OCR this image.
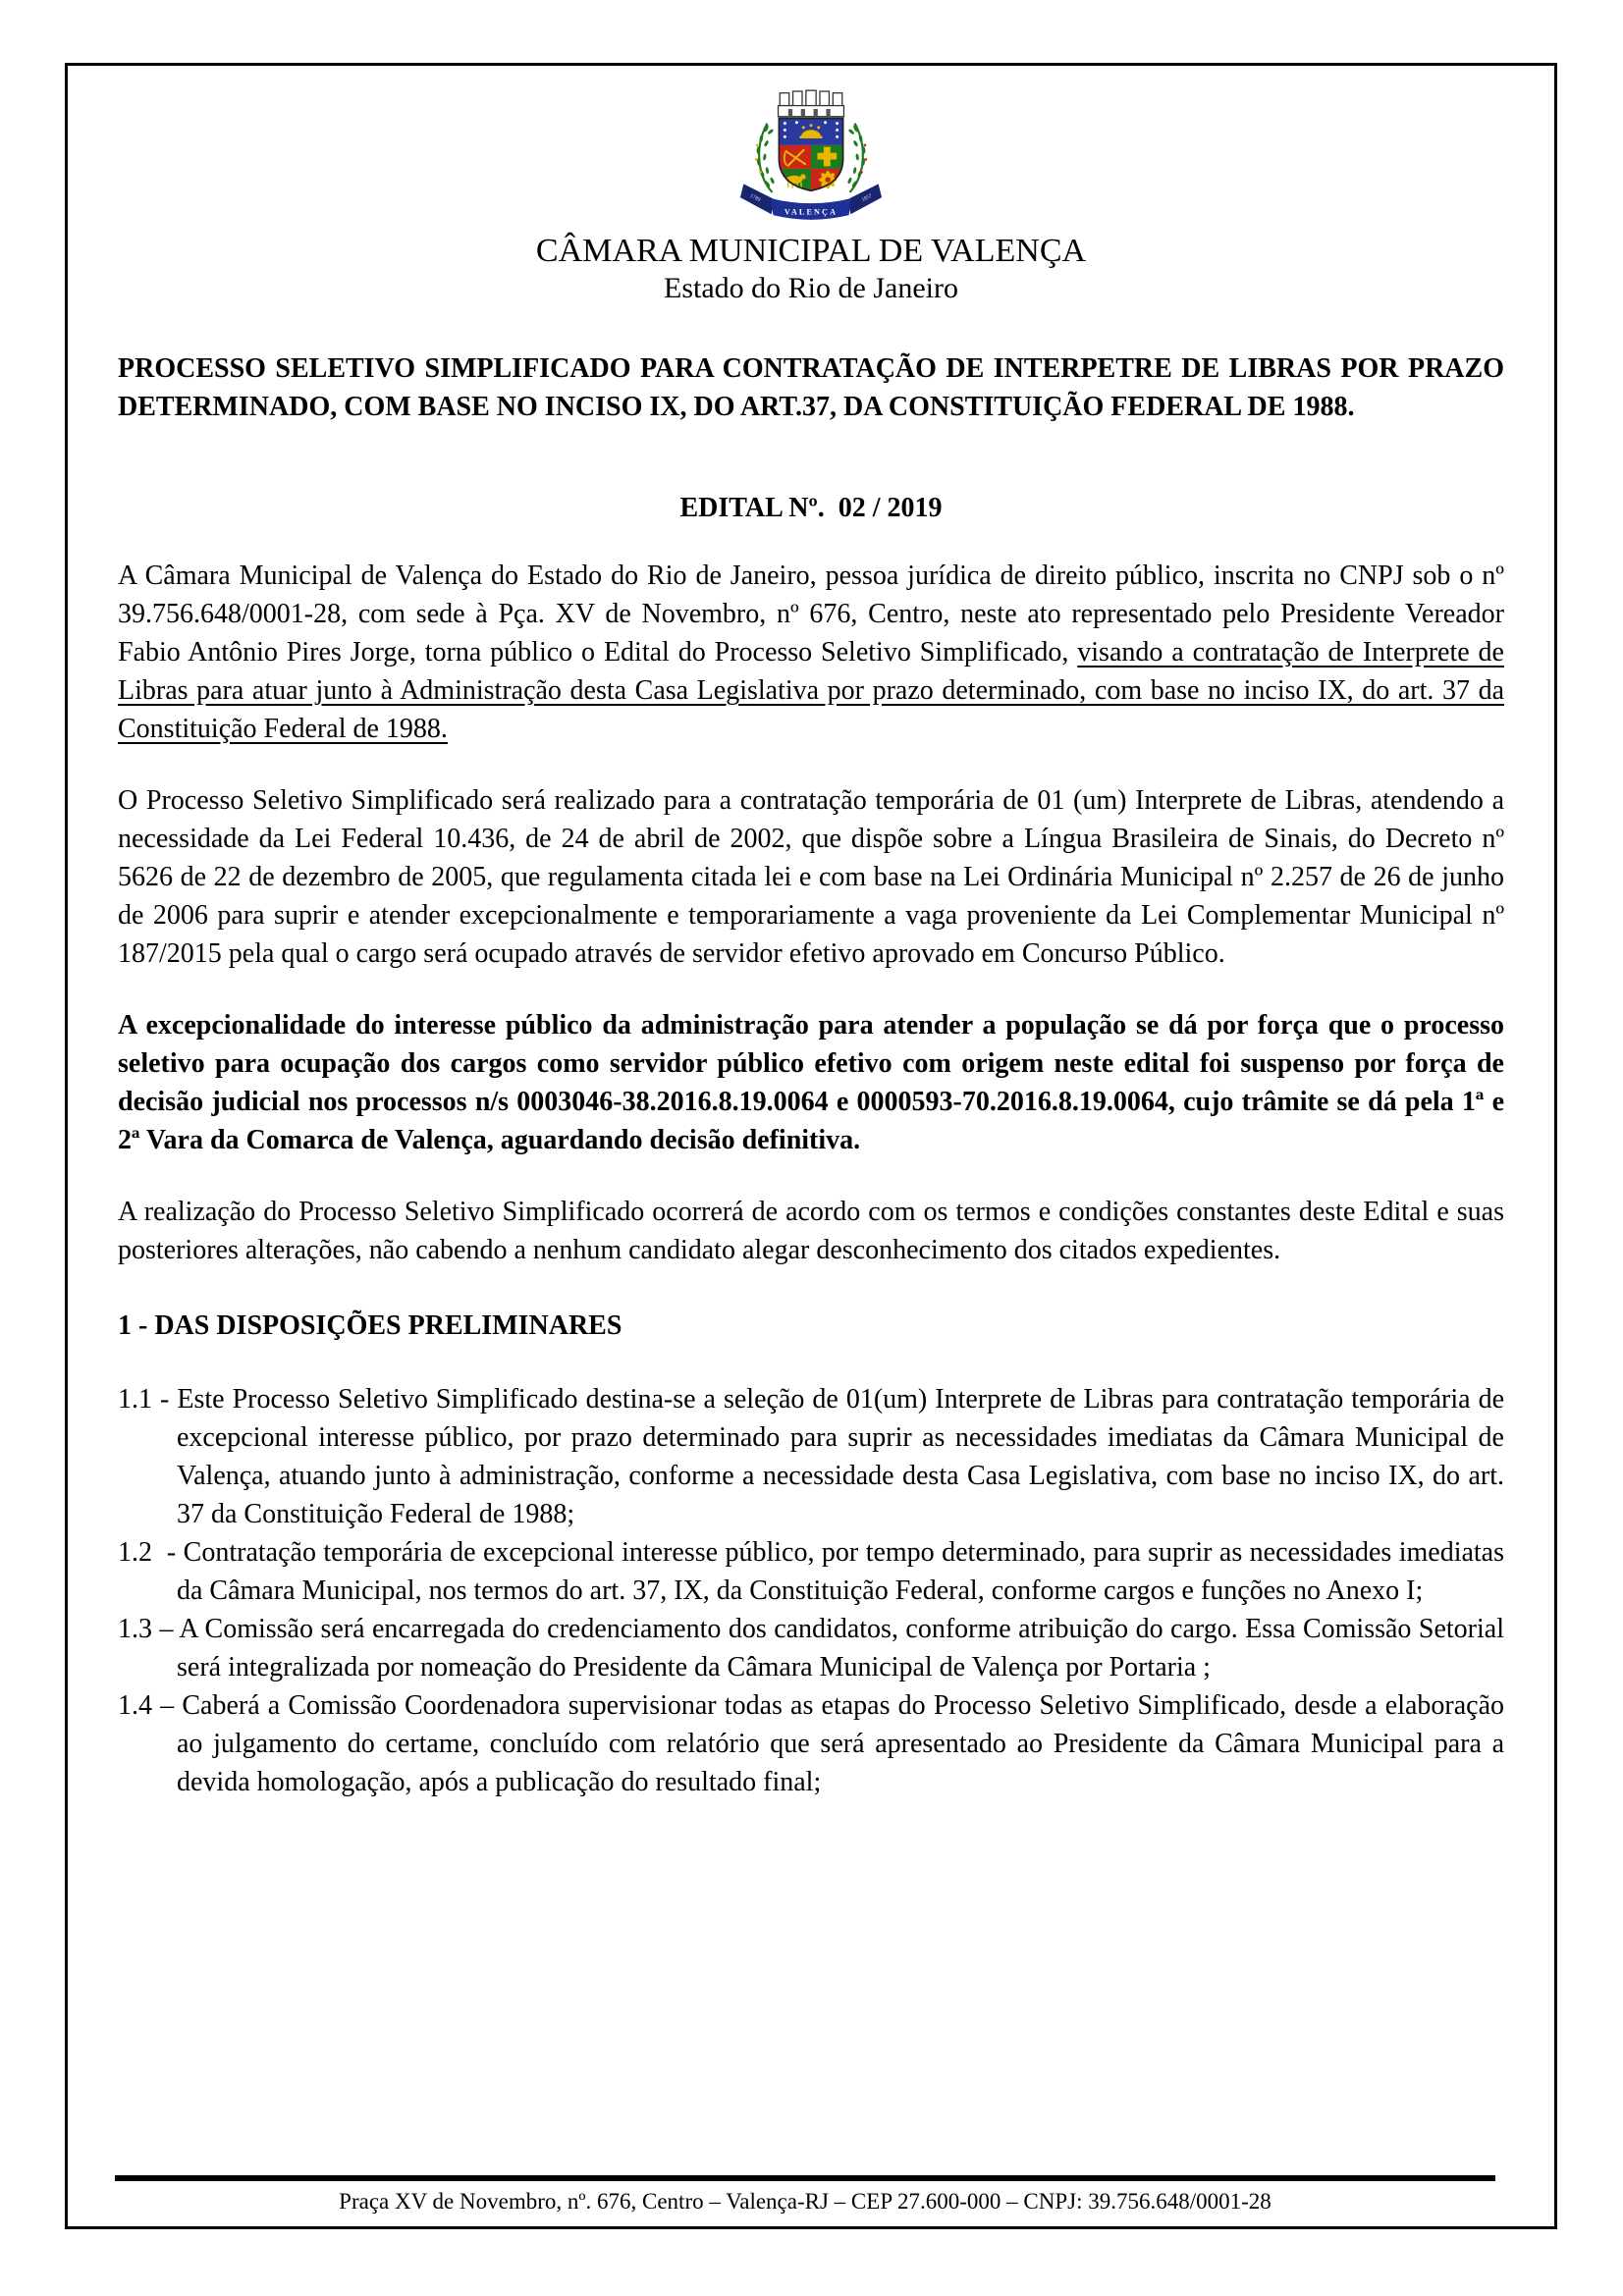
VALENÇA
1789	1857
CÂMARA MUNICIPAL DE VALENÇA
Estado do Rio de Janeiro

PROCESSO SELETIVO SIMPLIFICADO PARA CONTRATAÇÃO DE INTERPETRE DE LIBRAS POR PRAZO DETERMINADO, COM BASE NO INCISO IX, DO ART.37, DA CONSTITUIÇÃO FEDERAL DE 1988.

EDITAL Nº.  02 / 2019

A Câmara Municipal de Valença do Estado do Rio de Janeiro, pessoa jurídica de direito público, inscrita no CNPJ sob o nº 39.756.648/0001-28, com sede à Pça. XV de Novembro, nº 676, Centro, neste ato representado pelo Presidente Vereador Fabio Antônio Pires Jorge, torna público o Edital do Processo Seletivo Simplificado, visando a contratação de Interprete de Libras para atuar junto à Administração desta Casa Legislativa por prazo determinado, com base no inciso IX, do art. 37 da Constituição Federal de 1988.

O Processo Seletivo Simplificado será realizado para a contratação temporária de 01 (um) Interprete de Libras, atendendo a necessidade da Lei Federal 10.436, de 24 de abril de 2002, que dispõe sobre a Língua Brasileira de Sinais, do Decreto nº 5626 de 22 de dezembro de 2005, que regulamenta citada lei e com base na Lei Ordinária Municipal nº 2.257 de 26 de junho de 2006 para suprir e atender excepcionalmente e temporariamente a vaga proveniente da Lei Complementar Municipal nº 187/2015 pela qual o cargo será ocupado através de servidor efetivo aprovado em Concurso Público.

A excepcionalidade do interesse público da administração para atender a população se dá por força que o processo seletivo para ocupação dos cargos como servidor público efetivo com origem neste edital foi suspenso por força de decisão judicial nos processos n/s 0003046-38.2016.8.19.0064 e 0000593-70.2016.8.19.0064, cujo trâmite se dá pela 1ª e 2ª Vara da Comarca de Valença, aguardando decisão definitiva.

A realização do Processo Seletivo Simplificado ocorrerá de acordo com os termos e condições constantes deste Edital e suas posteriores alterações, não cabendo a nenhum candidato alegar desconhecimento dos citados expedientes.

1 - DAS DISPOSIÇÕES PRELIMINARES

1.1 - Este Processo Seletivo Simplificado destina-se a seleção de 01(um) Interprete de Libras para contratação temporária de excepcional interesse público, por prazo determinado para suprir as necessidades imediatas da Câmara Municipal de Valença, atuando junto à administração, conforme a necessidade desta Casa Legislativa, com base no inciso IX, do art. 37 da Constituição Federal de 1988;

1.2  - Contratação temporária de excepcional interesse público, por tempo determinado, para suprir as necessidades imediatas da Câmara Municipal, nos termos do art. 37, IX, da Constituição Federal, conforme cargos e funções no Anexo I;

1.3 – A Comissão será encarregada do credenciamento dos candidatos, conforme atribuição do cargo. Essa Comissão Setorial será integralizada por nomeação do Presidente da Câmara Municipal de Valença por Portaria ;

1.4 – Caberá a Comissão Coordenadora supervisionar todas as etapas do Processo Seletivo Simplificado, desde a elaboração ao julgamento do certame, concluído com relatório que será apresentado ao Presidente da Câmara Municipal para a devida homologação, após a publicação do resultado final;

Praça XV de Novembro, nº. 676, Centro – Valença-RJ – CEP 27.600-000 – CNPJ: 39.756.648/0001-28
